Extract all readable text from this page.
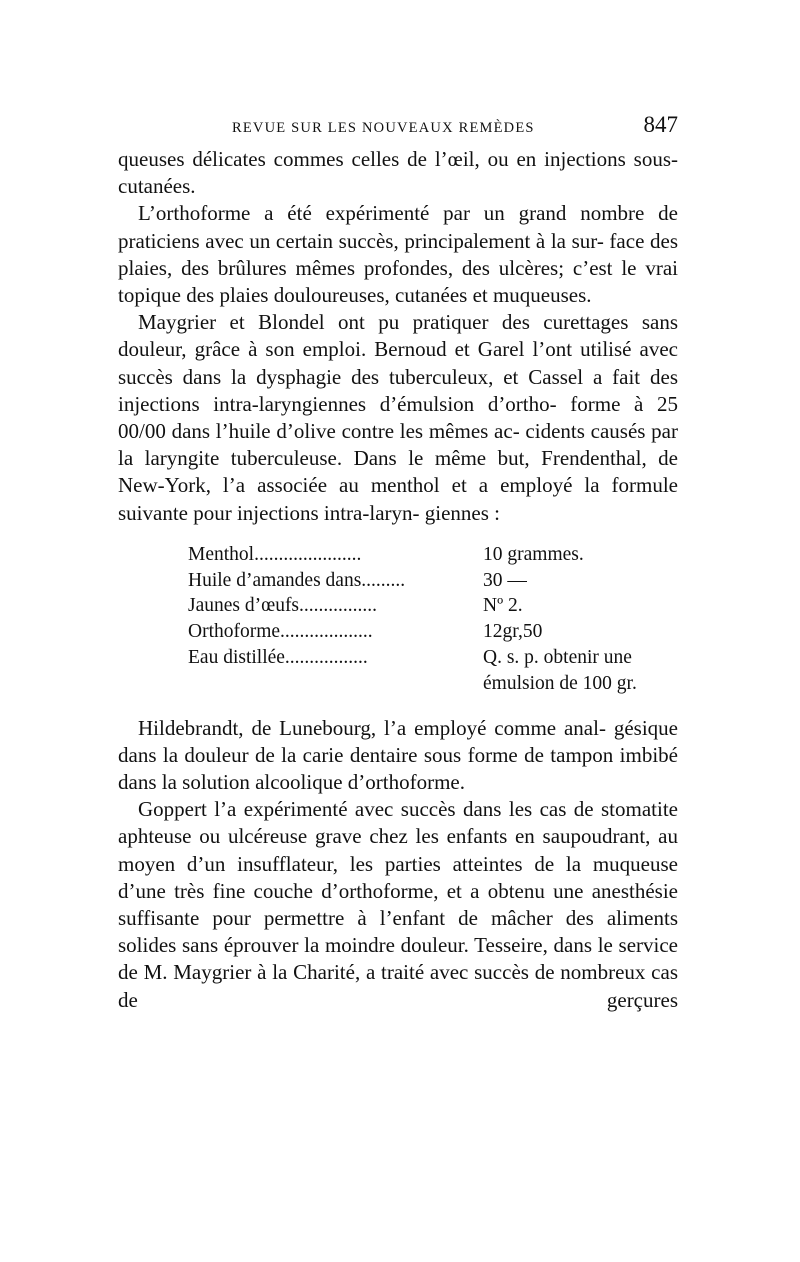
REVUE SUR LES NOUVEAUX REMÈDES	847

queuses délicates commes celles de l’œil, ou en injections sous-cutanées.

L’orthoforme a été expérimenté par un grand nombre de praticiens avec un certain succès, principalement à la sur- face des plaies, des brûlures mêmes profondes, des ulcères; c’est le vrai topique des plaies douloureuses, cutanées et muqueuses.

Maygrier et Blondel ont pu pratiquer des curettages sans douleur, grâce à son emploi. Bernoud et Garel l’ont utilisé avec succès dans la dysphagie des tuberculeux, et Cassel a fait des injections intra-laryngiennes d’émulsion d’ortho- forme à 25 00/00 dans l’huile d’olive contre les mêmes ac- cidents causés par la laryngite tuberculeuse. Dans le même but, Frendenthal, de New-York, l’a associée au menthol et a employé la formule suivante pour injections intra-laryn- giennes :

Menthol......................	10 grammes.
Huile d’amandes dans.........	30 —
Jaunes d’œufs................	Nº 2.
Orthoforme...................	12gr,50
Eau distillée.................	Q. s. p. obtenir une
émulsion de 100 gr.

Hildebrandt, de Lunebourg, l’a employé comme anal- gésique dans la douleur de la carie dentaire sous forme de tampon imbibé dans la solution alcoolique d’orthoforme.

Goppert l’a expérimenté avec succès dans les cas de stomatite aphteuse ou ulcéreuse grave chez les enfants en saupoudrant, au moyen d’un insufflateur, les parties atteintes de la muqueuse d’une très fine couche d’orthoforme, et a obtenu une anesthésie suffisante pour permettre à l’enfant de mâcher des aliments solides sans éprouver la moindre douleur. Tesseire, dans le service de M. Maygrier à la Charité, a traité avec succès de nombreux cas de gerçures
